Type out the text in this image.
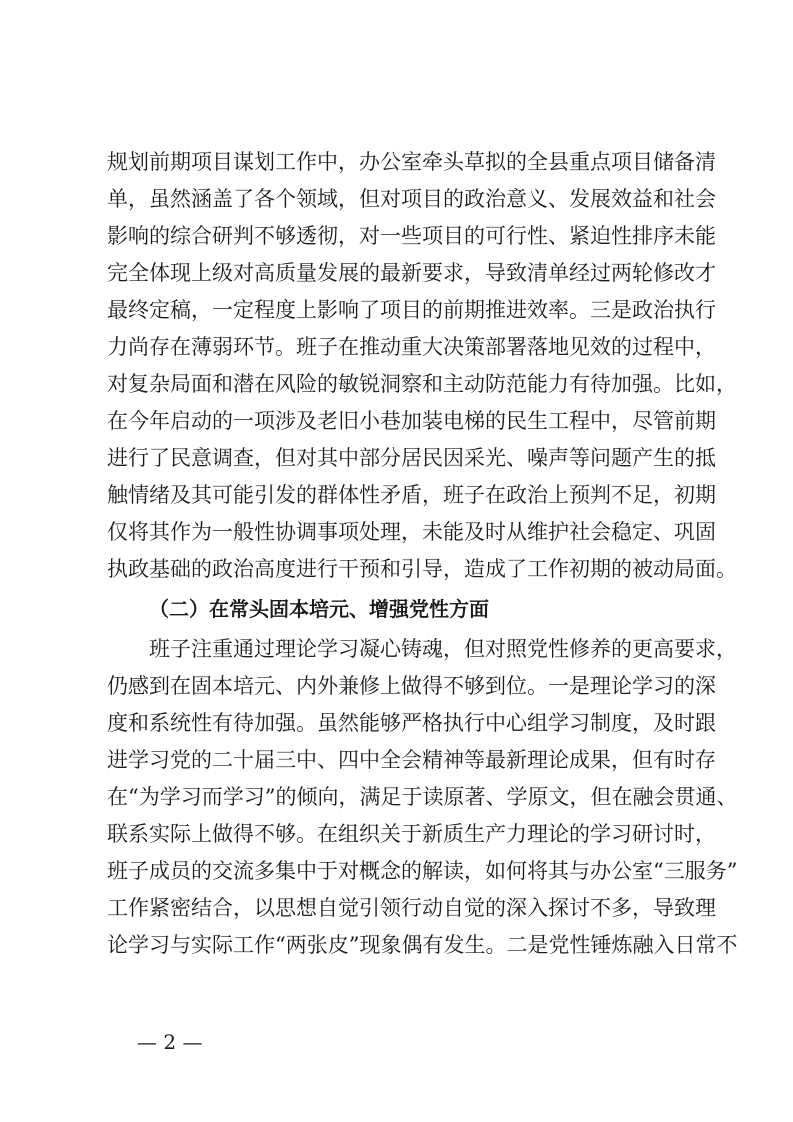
规划前期项目谋划工作中，办公室牵头草拟的全县重点项目储备清
单，虽然涵盖了各个领域，但对项目的政治意义、发展效益和社会
影响的综合研判不够透彻，对一些项目的可行性、紧迫性排序未能
完全体现上级对高质量发展的最新要求，导致清单经过两轮修改才
最终定稿，一定程度上影响了项目的前期推进效率。三是政治执行
力尚存在薄弱环节。班子在推动重大决策部署落地见效的过程中，
对复杂局面和潜在风险的敏锐洞察和主动防范能力有待加强。比如，
在今年启动的一项涉及老旧小巷加装电梯的民生工程中，尽管前期
进行了民意调查，但对其中部分居民因采光、噪声等问题产生的抵
触情绪及其可能引发的群体性矛盾，班子在政治上预判不足，初期
仅将其作为一般性协调事项处理，未能及时从维护社会稳定、巩固
执政基础的政治高度进行干预和引导，造成了工作初期的被动局面。
（二）在常头固本培元、增强党性方面
班子注重通过理论学习凝心铸魂，但对照党性修养的更高要求，
仍感到在固本培元、内外兼修上做得不够到位。一是理论学习的深
度和系统性有待加强。虽然能够严格执行中心组学习制度，及时跟
进学习党的二十届三中、四中全会精神等最新理论成果，但有时存
在“为学习而学习”的倾向，满足于读原著、学原文，但在融会贯通、
联系实际上做得不够。在组织关于新质生产力理论的学习研讨时，
班子成员的交流多集中于对概念的解读，如何将其与办公室“三服务”
工作紧密结合，以思想自觉引领行动自觉的深入探讨不多，导致理
论学习与实际工作“两张皮”现象偶有发生。二是党性锤炼融入日常不
— 2 —
